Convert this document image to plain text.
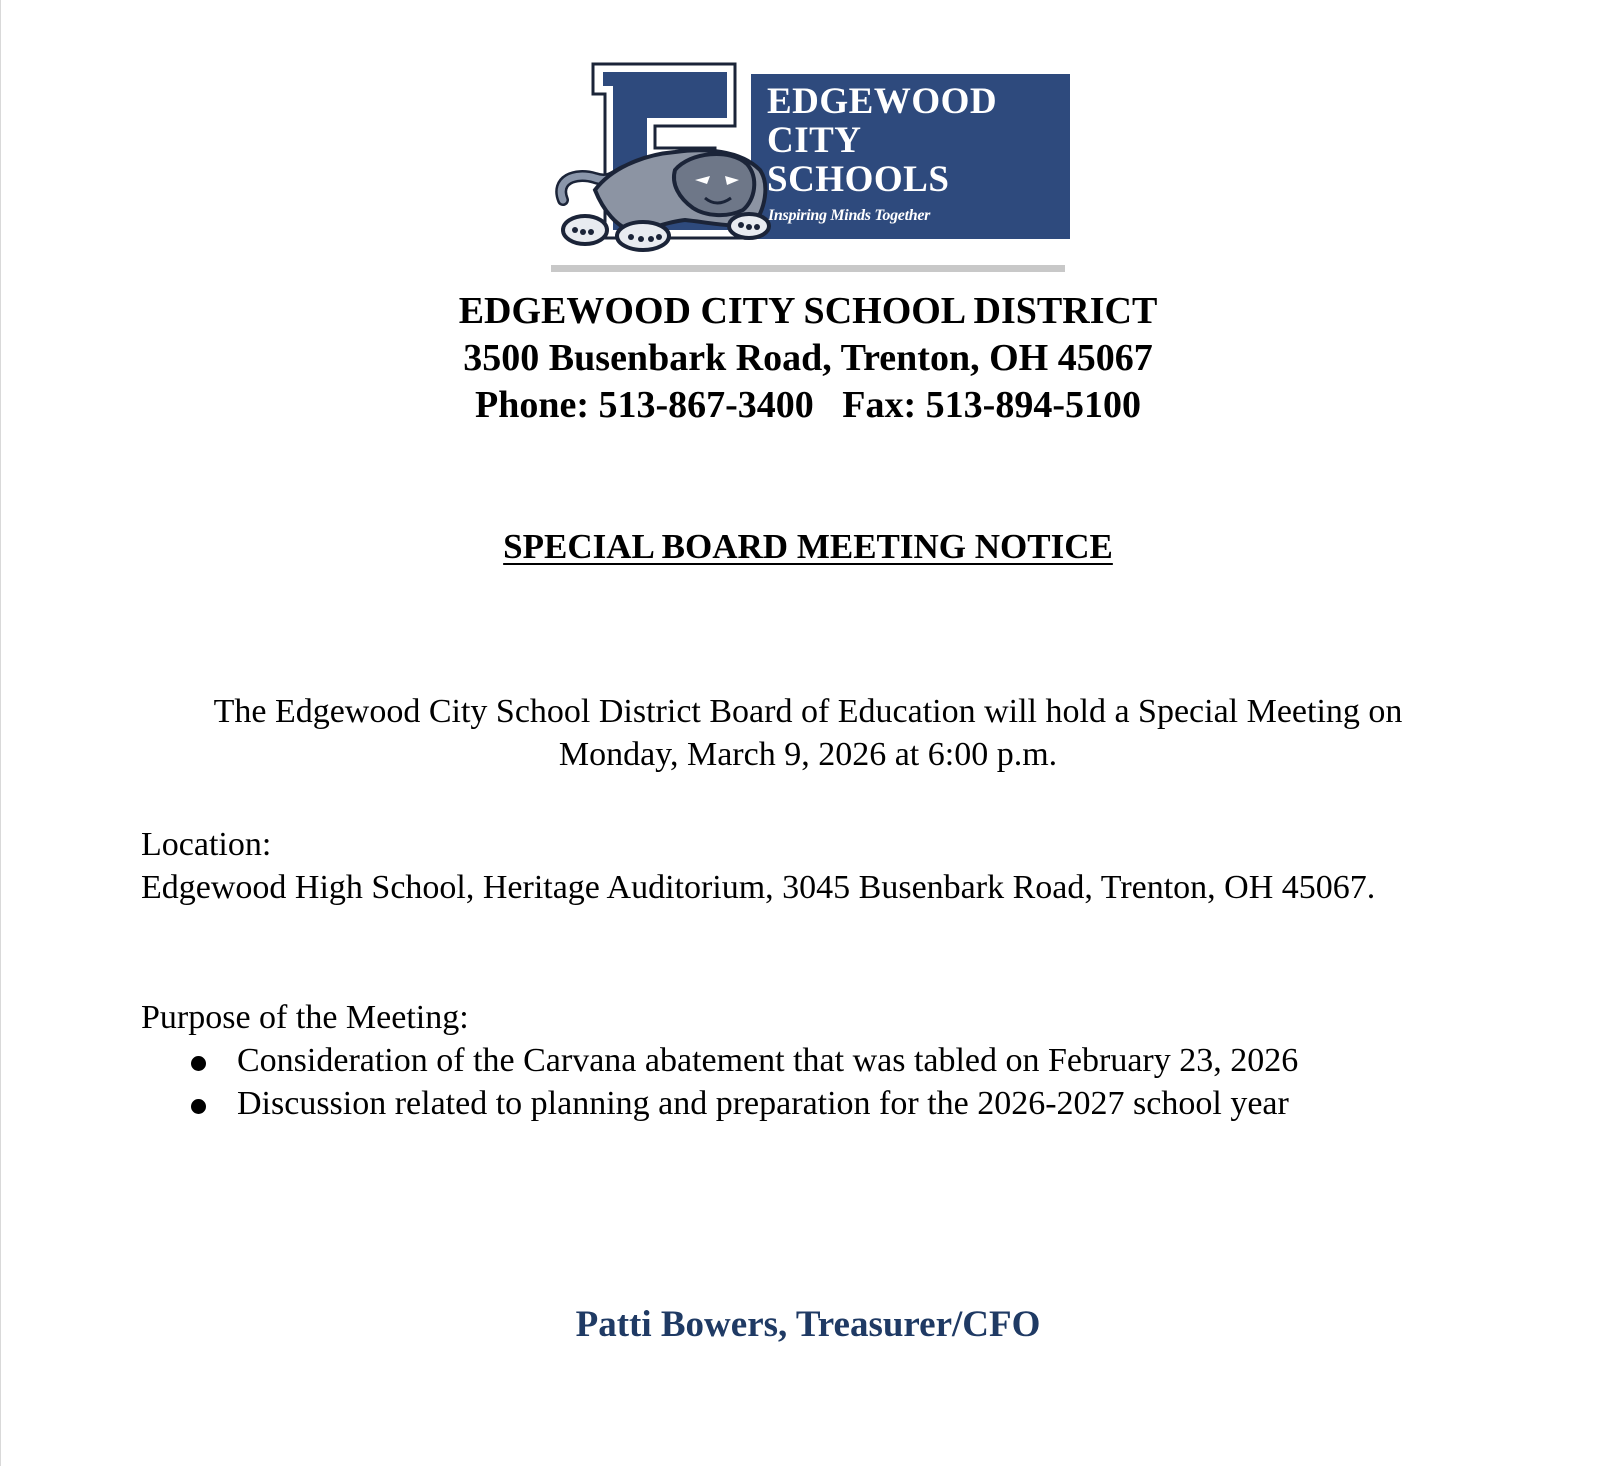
EDGEWOOD
CITY
SCHOOLS
Inspiring Minds Together
EDGEWOOD CITY SCHOOL DISTRICT
3500 Busenbark Road, Trenton, OH 45067
Phone: 513-867-3400   Fax: 513-894-5100
SPECIAL BOARD MEETING NOTICE
The Edgewood City School District Board of Education will hold a Special Meeting on
Monday, March 9, 2026 at 6:00 p.m.
Location:
Edgewood High School, Heritage Auditorium, 3045 Busenbark Road, Trenton, OH 45067.
Purpose of the Meeting:
Consideration of the Carvana abatement that was tabled on February 23, 2026
Discussion related to planning and preparation for the 2026-2027 school year
Patti Bowers, Treasurer/CFO
